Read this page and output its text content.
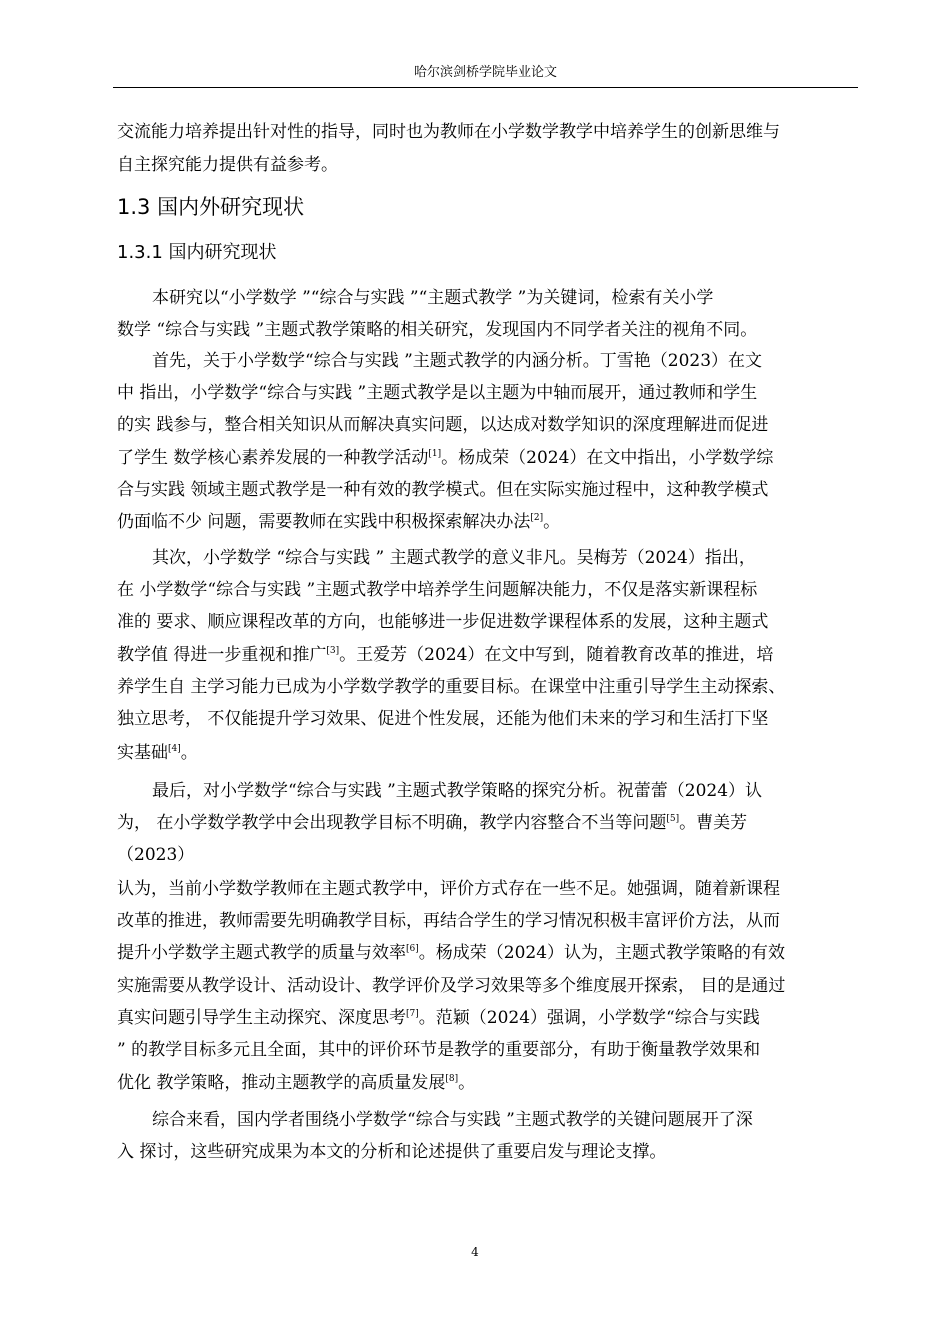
哈尔滨剑桥学院毕业论文
交流能力培养提出针对性的指导，同时也为教师在小学数学教学中培养学生的创新思维与
自主探究能力提供有益参考。
1.3 国内外研究现状
1.3.1 国内研究现状
本研究以“小学数学 ”“综合与实践 ”“主题式教学 ”为关键词，检索有关小学
数学 “综合与实践 ”主题式教学策略的相关研究，发现国内不同学者关注的视角不同。
首先，关于小学数学“综合与实践 ”主题式教学的内涵分析。丁雪艳（2023）在文
中 指出，小学数学“综合与实践 ”主题式教学是以主题为中轴而展开，通过教师和学生
的实 践参与，整合相关知识从而解决真实问题，以达成对数学知识的深度理解进而促进
了学生 数学核心素养发展的一种教学活动[1]。杨成荣（2024）在文中指出，小学数学综
合与实践 领域主题式教学是一种有效的教学模式。但在实际实施过程中，这种教学模式
仍面临不少 问题，需要教师在实践中积极探索解决办法[2]。
其次，小学数学 “综合与实践 ” 主题式教学的意义非凡。吴梅芳（2024）指出，
在 小学数学“综合与实践 ”主题式教学中培养学生问题解决能力，不仅是落实新课程标
准的 要求、顺应课程改革的方向，也能够进一步促进数学课程体系的发展，这种主题式
教学值 得进一步重视和推广[3]。王爱芳（2024）在文中写到，随着教育改革的推进，培
养学生自 主学习能力已成为小学数学教学的重要目标。在课堂中注重引导学生主动探索、
独立思考， 不仅能提升学习效果、促进个性发展，还能为他们未来的学习和生活打下坚
实基础[4]。
最后，对小学数学“综合与实践 ”主题式教学策略的探究分析。祝蕾蕾（2024）认
为， 在小学数学教学中会出现教学目标不明确，教学内容整合不当等问题[5]。曹美芳
（2023）
认为，当前小学数学教师在主题式教学中，评价方式存在一些不足。她强调，随着新课程
改革的推进，教师需要先明确教学目标，再结合学生的学习情况积极丰富评价方法，从而
提升小学数学主题式教学的质量与效率[6]。杨成荣（2024）认为，主题式教学策略的有效
实施需要从教学设计、活动设计、教学评价及学习效果等多个维度展开探索， 目的是通过
真实问题引导学生主动探究、深度思考[7]。范颖（2024）强调，小学数学“综合与实践
” 的教学目标多元且全面，其中的评价环节是教学的重要部分，有助于衡量教学效果和
优化 教学策略，推动主题教学的高质量发展[8]。
综合来看，国内学者围绕小学数学“综合与实践 ”主题式教学的关键问题展开了深
入 探讨，这些研究成果为本文的分析和论述提供了重要启发与理论支撑。
4
